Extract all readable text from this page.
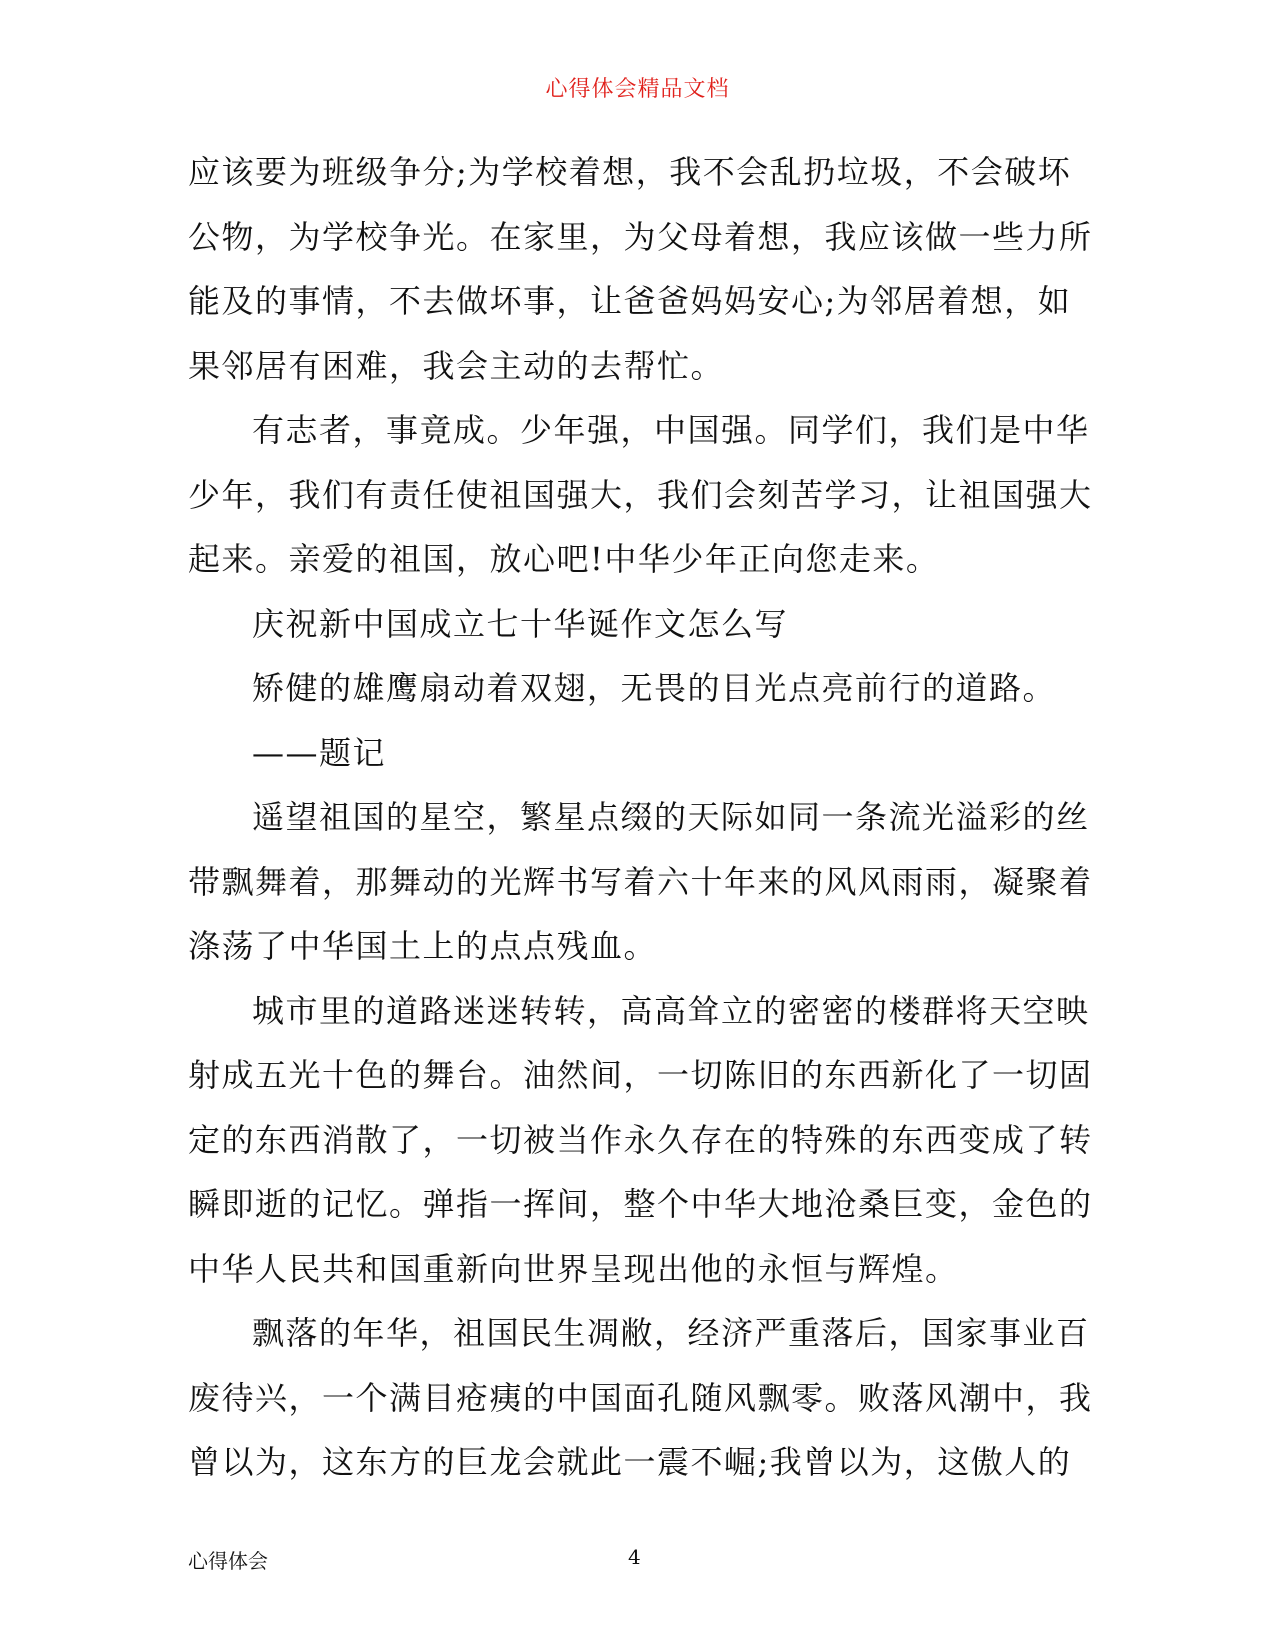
心得体会精品文档
应该要为班级争分;为学校着想，我不会乱扔垃圾，不会破坏
公物，为学校争光。在家里，为父母着想，我应该做一些力所
能及的事情，不去做坏事，让爸爸妈妈安心;为邻居着想，如
果邻居有困难，我会主动的去帮忙。
有志者，事竟成。少年强，中国强。同学们，我们是中华
少年，我们有责任使祖国强大，我们会刻苦学习，让祖国强大
起来。亲爱的祖国，放心吧!中华少年正向您走来。
庆祝新中国成立七十华诞作文怎么写
矫健的雄鹰扇动着双翅，无畏的目光点亮前行的道路。
——题记
遥望祖国的星空，繁星点缀的天际如同一条流光溢彩的丝
带飘舞着，那舞动的光辉书写着六十年来的风风雨雨，凝聚着
涤荡了中华国土上的点点残血。
城市里的道路迷迷转转，高高耸立的密密的楼群将天空映
射成五光十色的舞台。油然间，一切陈旧的东西新化了一切固
定的东西消散了，一切被当作永久存在的特殊的东西变成了转
瞬即逝的记忆。弹指一挥间，整个中华大地沧桑巨变，金色的
中华人民共和国重新向世界呈现出他的永恒与辉煌。
飘落的年华，祖国民生凋敝，经济严重落后，国家事业百
废待兴，一个满目疮痍的中国面孔随风飘零。败落风潮中，我
曾以为，这东方的巨龙会就此一震不崛;我曾以为，这傲人的
心得体会	4
